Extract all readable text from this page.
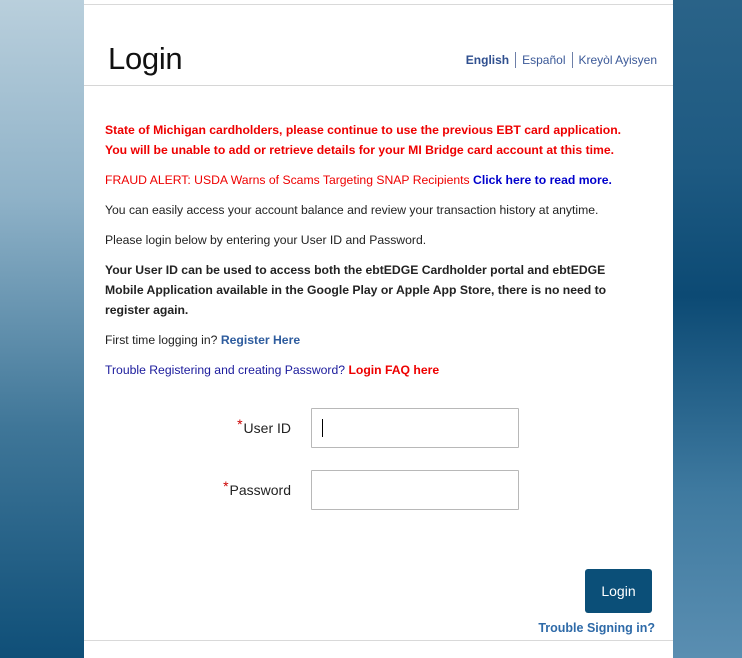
Login	English	Español	Kreyòl Ayisyen

State of Michigan cardholders, please continue to use the previous EBT card application. You will be unable to add or retrieve details for your MI Bridge card account at this time.

FRAUD ALERT: USDA Warns of Scams Targeting SNAP Recipients Click here to read more.

You can easily access your account balance and review your transaction history at anytime.

Please login below by entering your User ID and Password.

Your User ID can be used to access both the ebtEDGE Cardholder portal and ebtEDGE Mobile Application available in the Google Play or Apple App Store, there is no need to register again.

First time logging in? Register Here

Trouble Registering and creating Password? Login FAQ here

*User ID
*Password
Login
Trouble Signing in?
